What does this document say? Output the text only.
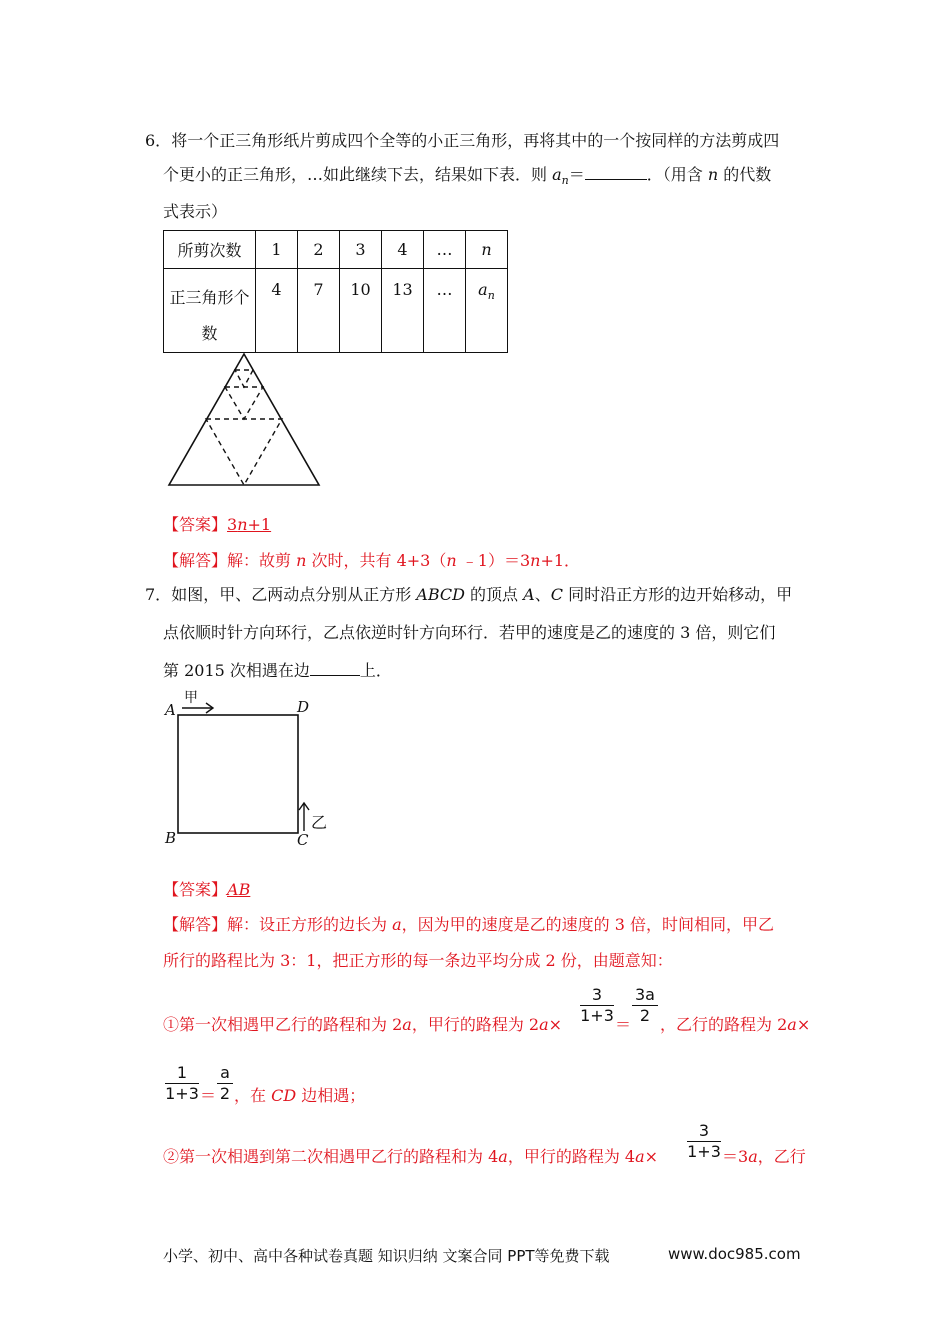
6．将一个正三角形纸片剪成四个全等的小正三角形，再将其中的一个按同样的方法剪成四
个更小的正三角形，…如此继续下去，结果如下表．则 $a_n=$	．（用含 n 的代数
式表示）
所剪次数	1	2	3	4	…	n
正三角形个
数	4	7	10	13	…	$a_n$
【答案】3n+1
【解答】解：故剪 n 次时，共有 4+3（n ﹣1）＝3n+1．
7．如图，甲、乙两动点分别从正方形 ABCD 的顶点 A、C 同时沿正方形的边开始移动，甲
点依顺时针方向环行，乙点依逆时针方向环行．若甲的速度是乙的速度的 3 倍，则它们
第 2015 次相遇在边	上．
A	D
B	C
甲
乙
【答案】AB
【解答】解：设正方形的边长为 a，因为甲的速度是乙的速度的 3 倍，时间相同，甲乙
所行的路程比为 3：1，把正方形的每一条边平均分成 2 份，由题意知：
①第一次相遇甲乙行的路程和为 2a，甲行的路程为 2a×
3
1+3 ＝
3a
2 ，乙行的路程为 2a×
1
1+3 ＝
a
2 ，在 CD 边相遇；
②第一次相遇到第二次相遇甲乙行的路程和为 4a，甲行的路程为 4a×
3
1+3 ＝3a，乙行
小学、初中、高中各种试卷真题 知识归纳 文案合同 PPT等免费下载	www.doc985.com
